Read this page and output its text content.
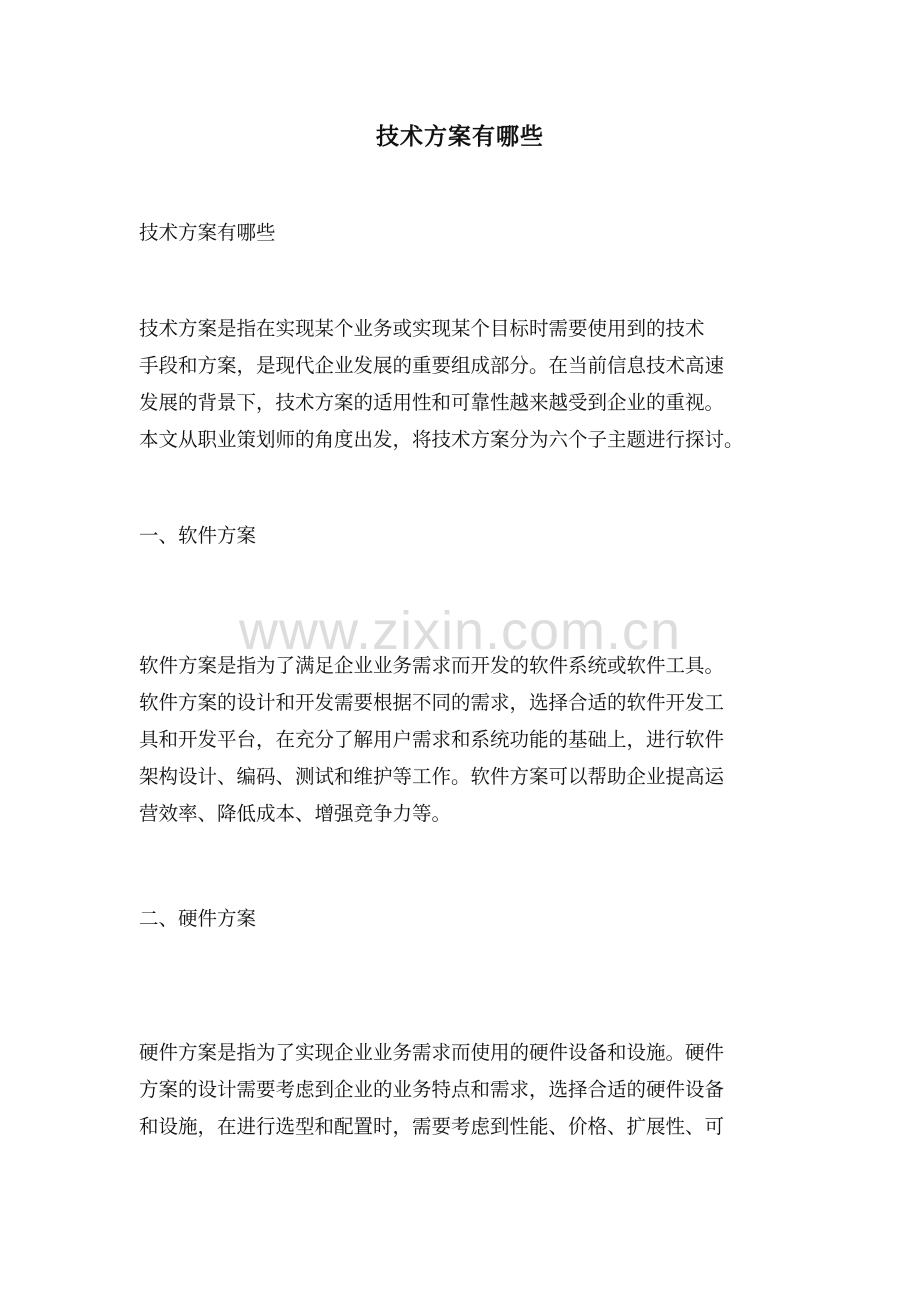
技术方案有哪些
技术方案有哪些
技术方案是指在实现某个业务或实现某个目标时需要使用到的技术
手段和方案，是现代企业发展的重要组成部分。在当前信息技术高速
发展的背景下，技术方案的适用性和可靠性越来越受到企业的重视。
本文从职业策划师的角度出发，将技术方案分为六个子主题进行探讨。
一、软件方案
www.zixin.com.cn
软件方案是指为了满足企业业务需求而开发的软件系统或软件工具。
软件方案的设计和开发需要根据不同的需求，选择合适的软件开发工
具和开发平台，在充分了解用户需求和系统功能的基础上，进行软件
架构设计、编码、测试和维护等工作。软件方案可以帮助企业提高运
营效率、降低成本、增强竞争力等。
二、硬件方案
硬件方案是指为了实现企业业务需求而使用的硬件设备和设施。硬件
方案的设计需要考虑到企业的业务特点和需求，选择合适的硬件设备
和设施，在进行选型和配置时，需要考虑到性能、价格、扩展性、可
